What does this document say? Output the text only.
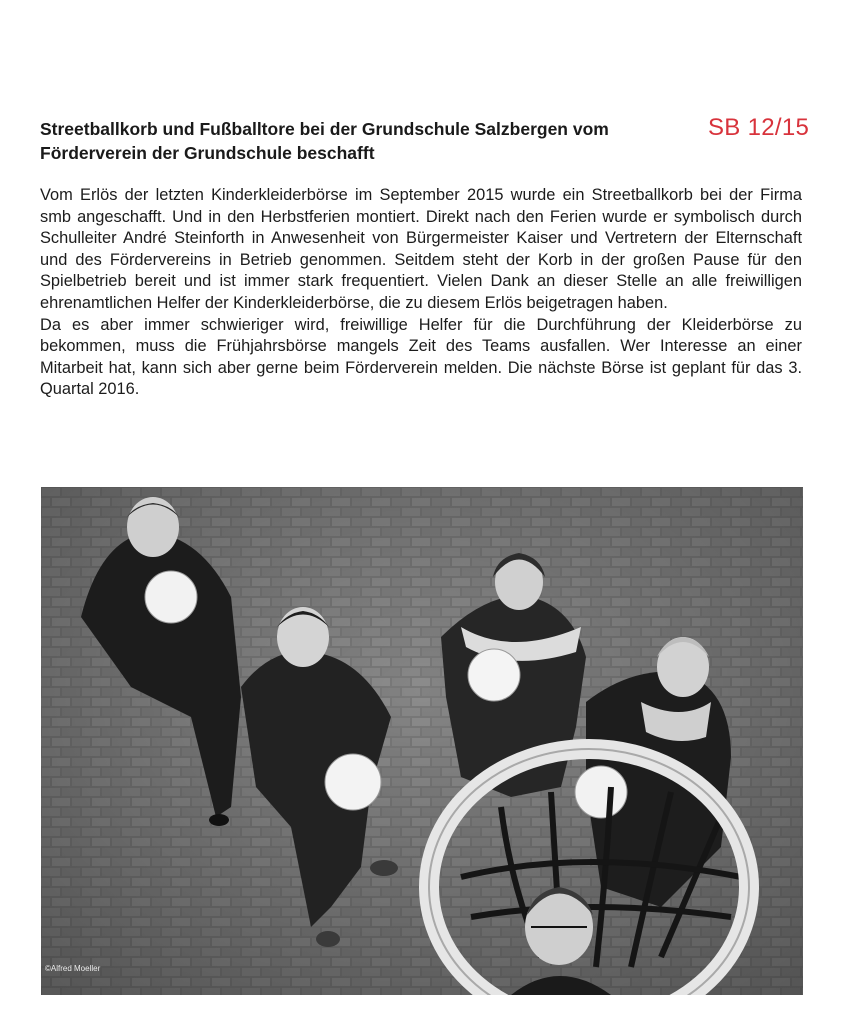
Streetballkorb und Fußballtore bei der Grundschule Salzbergen vom
Förderverein der Grundschule beschafft
SB 12/15

Vom Erlös der letzten Kinderkleiderbörse im September 2015 wurde ein Streetballkorb bei der Firma smb angeschafft. Und in den Herbstferien montiert. Direkt nach den Ferien wurde er symbolisch durch Schulleiter André Steinforth in Anwesenheit von Bürgermeister Kaiser und Vertretern der Elternschaft und des Fördervereins in Betrieb genommen. Seitdem steht der Korb in der großen Pause für den Spielbetrieb bereit und ist immer stark frequentiert. Vielen Dank an dieser Stelle an alle freiwilligen ehrenamtlichen Helfer der Kinderkleiderbörse, die zu diesem Erlös beigetragen haben.

Da es aber immer schwieriger wird, freiwillige Helfer für die Durchführung der Kleiderbörse zu bekommen, muss die Frühjahrsbörse mangels Zeit des Teams ausfallen. Wer Interesse an einer Mitarbeit hat, kann sich aber gerne beim Förderverein melden. Die nächste Börse ist geplant für das 3. Quartal 2016.

©Alfred Moeller
